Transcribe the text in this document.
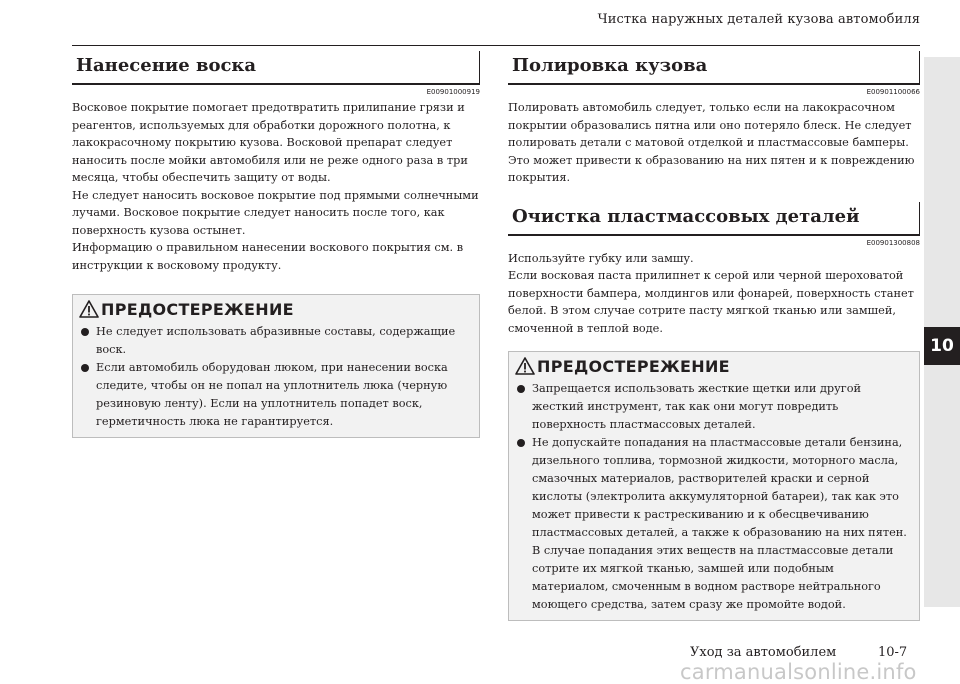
Чистка наружных деталей кузова автомобиля
10
Нанесение воска
E00901000919

Восковое покрытие помогает предотвратить прилипание грязи и реагентов, используемых для обработки дорожного полотна, к лакокрасочному покрытию кузова. Восковой препарат следует наносить после мойки автомобиля или не реже одного раза в три месяца, чтобы обеспечить защиту от воды.

Не следует наносить восковое покрытие под прямыми солнечными лучами. Восковое покрытие следует наносить после того, как поверхность кузова остынет.

Информацию о правильном нанесении воскового покрытия см. в инструкции к восковому продукту.

ПРЕДОСТЕРЕЖЕНИЕ
Не следует использовать абразивные составы, содержащие воск.
Если автомобиль оборудован люком, при нанесении воска следите, чтобы он не попал на уплотнитель люка (черную резиновую ленту). Если на уплотнитель попадет воск, герметичность люка не гарантируется.
Полировка кузова
E00901100066

Полировать автомобиль следует, только если на лакокрасочном покрытии образовались пятна или оно потеряло блеск. Не следует полировать детали с матовой отделкой и пластмассовые бамперы. Это может привести к образованию на них пятен и к повреждению покрытия.

Очистка пластмассовых деталей
E00901300808

Используйте губку или замшу.

Если восковая паста прилипнет к серой или черной шероховатой поверхности бампера, молдингов или фонарей, поверхность станет белой. В этом случае сотрите пасту мягкой тканью или замшей, смоченной в теплой воде.

ПРЕДОСТЕРЕЖЕНИЕ
Запрещается использовать жесткие щетки или другой жесткий инструмент, так как они могут повредить поверхность пластмассовых деталей.
Не допускайте попадания на пластмассовые детали бензина, дизельного топлива, тормозной жидкости, моторного масла, смазочных материалов, растворителей краски и серной кислоты (электролита аккумуляторной батареи), так как это может привести к растрескиванию и к обесцвечиванию пластмассовых деталей, а также к образованию на них пятен. В случае попадания этих веществ на пластмассовые детали сотрите их мягкой тканью, замшей или подобным материалом, смоченным в водном растворе нейтрального моющего средства, затем сразу же промойте водой.
Уход за автомобилем	10-7
carmanualsonline.info
